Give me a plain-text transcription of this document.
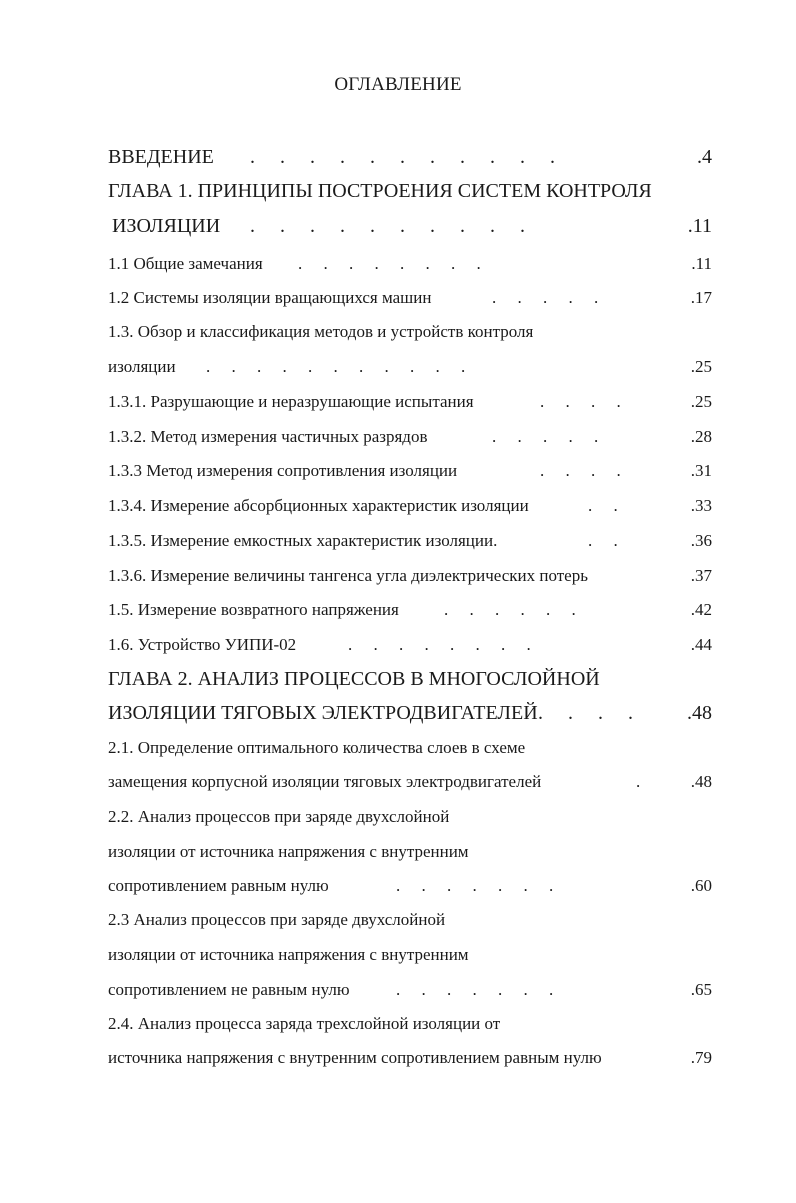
ОГЛАВЛЕНИЕ
ВВЕДЕНИЕ .     .     .     .     .     .     .     .     .     .     .	.4
ГЛАВА 1. ПРИНЦИПЫ ПОСТРОЕНИЯ СИСТЕМ КОНТРОЛЯ
ИЗОЛЯЦИИ .     .     .     .     .     .     .     .     .     .	.11
1.1 Общие замечания .     .     .     .     .     .     .     .	.11
1.2 Системы изоляции вращающихся машин	.     .     .     .     .	.17
1.3. Обзор и классификация методов и устройств контроля
изоляции .     .     .     .     .     .     .     .     .     .     .	.25
1.3.1. Разрушающие и неразрушающие испытания	.     .     .     .	.25
1.3.2. Метод измерения частичных разрядов	.     .     .     .     .	.28
1.3.3 Метод измерения сопротивления изоляции	.     .     .     .	.31
1.3.4. Измерение абсорбционных характеристик изоляции	.     .	.33
1.3.5. Измерение емкостных характеристик изоляции.	.     .	.36
1.3.6. Измерение величины тангенса угла диэлектрических потерь	.37
1.5. Измерение возвратного напряжения	.     .     .     .     .     .	.42
1.6. Устройство УИПИ-02	.     .     .     .     .     .     .     .	.44
ГЛАВА 2. АНАЛИЗ ПРОЦЕССОВ В МНОГОСЛОЙНОЙ
ИЗОЛЯЦИИ ТЯГОВЫХ ЭЛЕКТРОДВИГАТЕЛЕЙ .     .     .     .	.48
2.1. Определение оптимального количества слоев в схеме
замещения корпусной изоляции тяговых электродвигателей	.	.48
2.2. Анализ процессов при заряде двухслойной
изоляции от источника напряжения с внутренним
сопротивлением равным нулю	.     .     .     .     .     .     .	.60
2.3 Анализ процессов при заряде двухслойной
изоляции от источника напряжения с внутренним
сопротивлением не равным нулю	.     .     .     .     .     .     .	.65
2.4. Анализ процесса заряда трехслойной изоляции от
источника напряжения с внутренним сопротивлением равным нулю	.79
